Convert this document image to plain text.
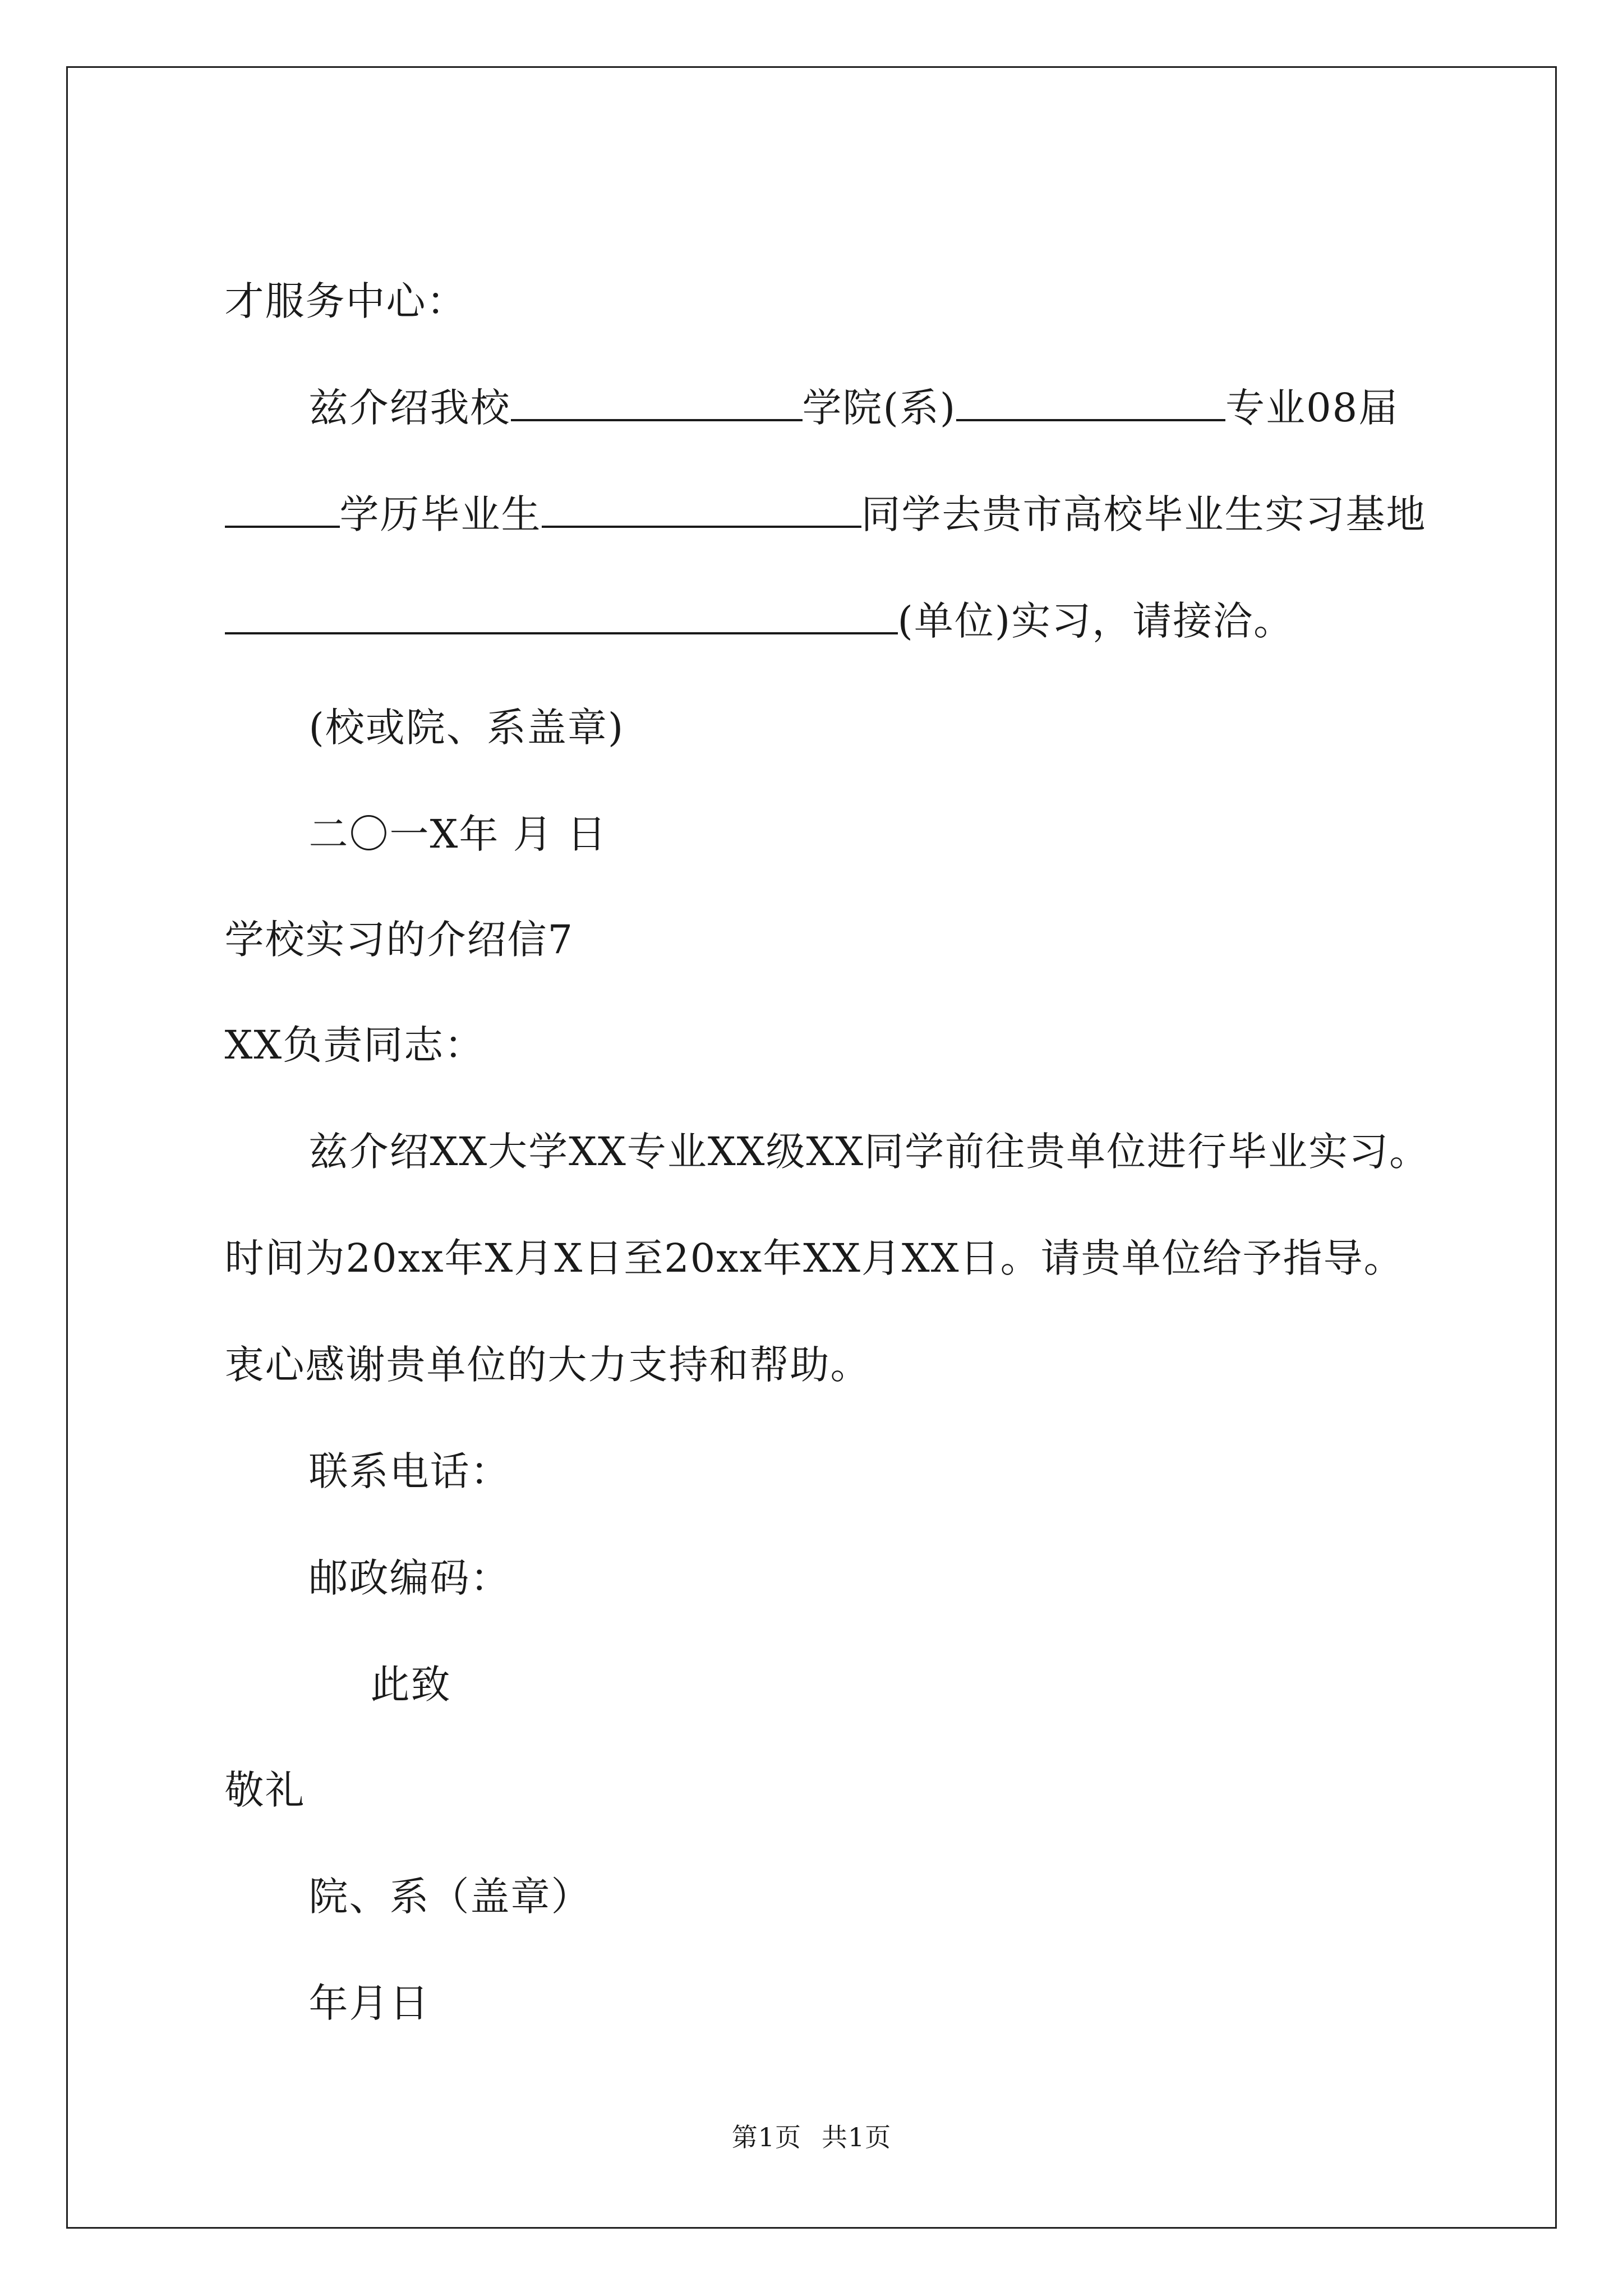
才服务中心：

兹介绍我校	学院(系)	专业08届

学历毕业生	同学去贵市高校毕业生实习基地

(单位)实习，请接洽。

(校或院、系盖章)

二〇一X年 月 日

学校实习的介绍信7

XX负责同志：

兹介绍XX大学XX专业XX级XX同学前往贵单位进行毕业实习。

时间为20xx年X月X日至20xx年XX月XX日。请贵单位给予指导。

衷心感谢贵单位的大力支持和帮助。

联系电话：

邮政编码：

此致

敬礼

院、系（盖章）

年月日

第1页 共1页
